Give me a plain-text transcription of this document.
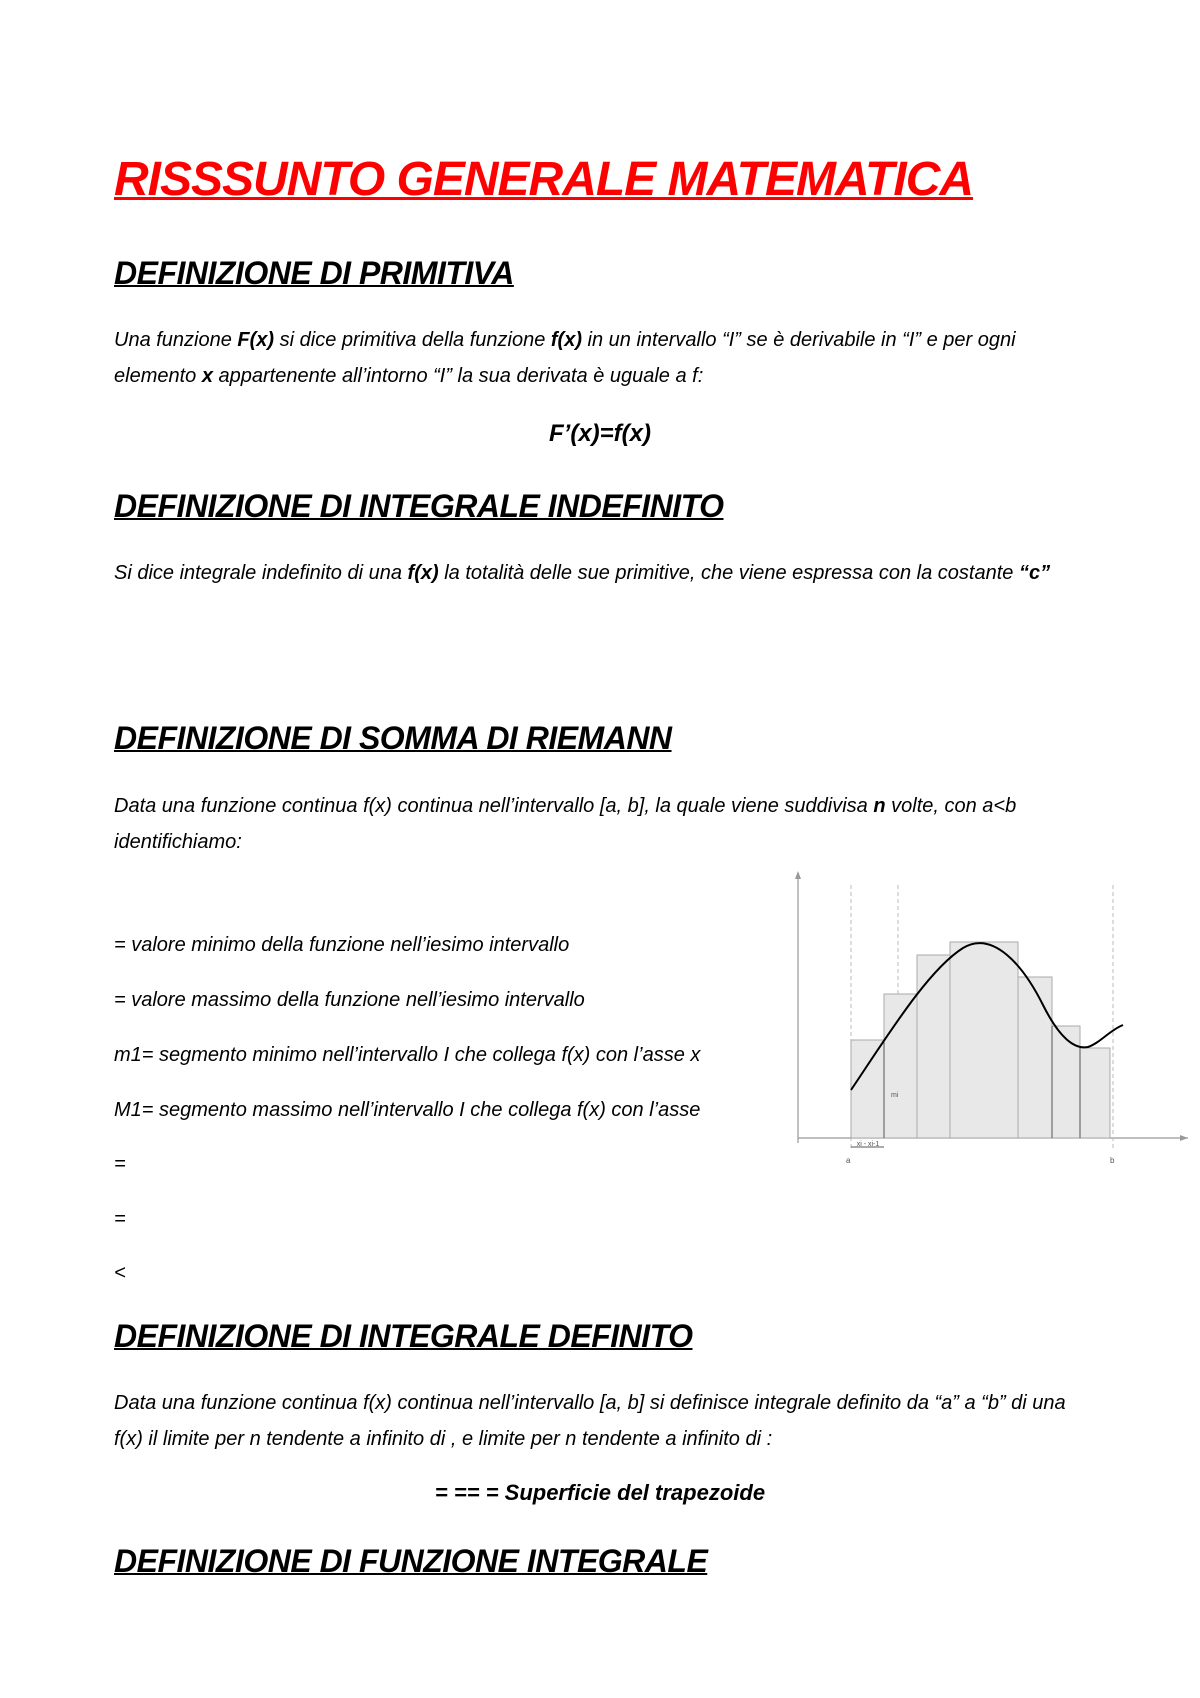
RISSSUNTO GENERALE MATEMATICA
DEFINIZIONE DI PRIMITIVA
Una funzione F(x) si dice primitiva della funzione f(x) in un intervallo “I” se è derivabile in “I” e per ogni elemento x appartenente all’intorno “I” la sua derivata è uguale a f:
F’(x)=f(x)
DEFINIZIONE DI INTEGRALE INDEFINITO
Si dice integrale indefinito di una f(x) la totalità delle sue primitive, che viene espressa con la costante “c”
DEFINIZIONE DI SOMMA DI RIEMANN
Data una funzione continua f(x) continua nell’intervallo [a, b], la quale viene suddivisa n volte, con a<b identifichiamo:
= valore minimo della funzione nell’iesimo intervallo
= valore massimo della funzione nell’iesimo intervallo
m1= segmento minimo nell’intervallo I che collega f(x) con l’asse x
M1= segmento massimo nell’intervallo I che collega f(x) con l’asse
=
=
<
xi - xi-1
mi
a	b
DEFINIZIONE DI INTEGRALE DEFINITO
Data una funzione continua f(x) continua nell’intervallo [a, b] si definisce integrale definito da “a” a “b” di una f(x) il limite per n tendente a infinito di , e limite per n tendente a infinito di :
= == = Superficie del trapezoide
DEFINIZIONE DI FUNZIONE INTEGRALE
